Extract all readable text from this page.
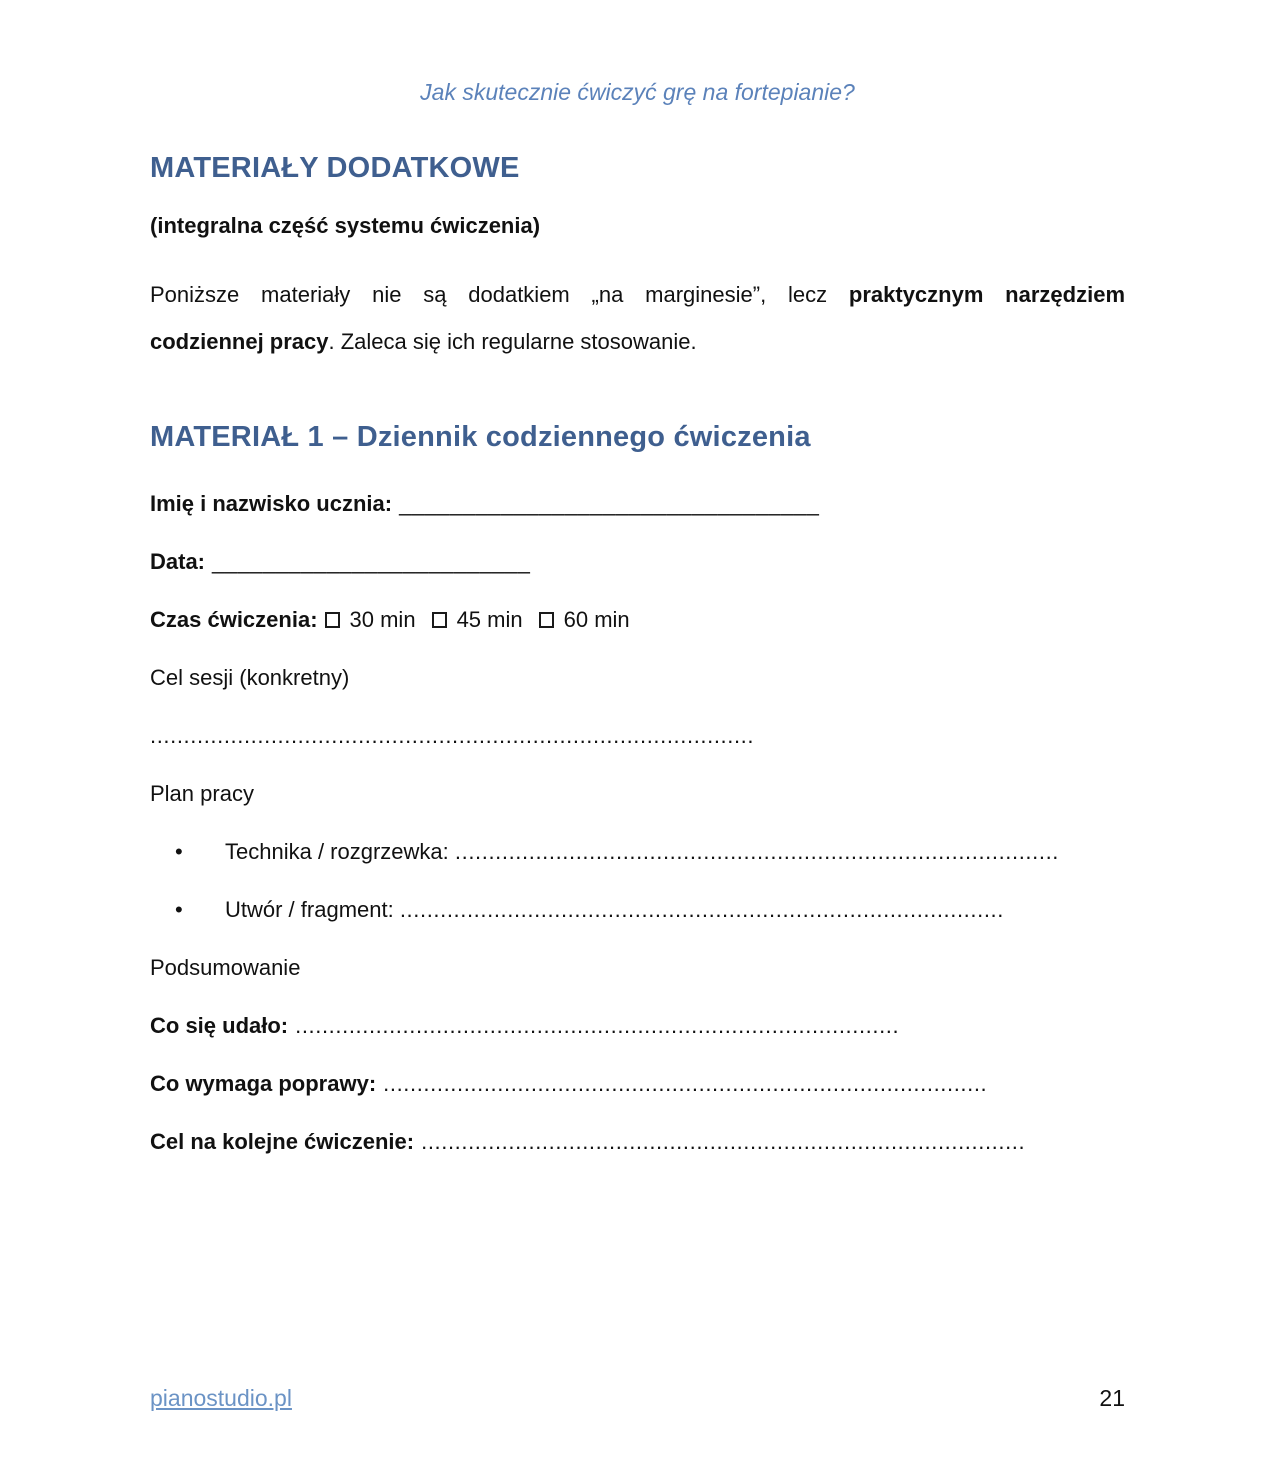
Jak skutecznie ćwiczyć grę na fortepianie?
MATERIAŁY DODATKOWE
(integralna część systemu ćwiczenia)
Poniższe materiały nie są dodatkiem „na marginesie”, lecz praktycznym narzędziem
codziennej pracy. Zaleca się ich regularne stosowanie.
MATERIAŁ 1 – Dziennik codziennego ćwiczenia
Imię i nazwisko ucznia: _________________________________
Data: _________________________
Czas ćwiczenia: 30 min 45 min 60 min
Cel sesji (konkretny)
..........................................................................................
Plan pracy
•	Technika / rozgrzewka: ..........................................................................................
•	Utwór / fragment: ..........................................................................................
Podsumowanie
Co się udało: ..........................................................................................
Co wymaga poprawy: ..........................................................................................
Cel na kolejne ćwiczenie: ..........................................................................................
pianostudio.pl	21
